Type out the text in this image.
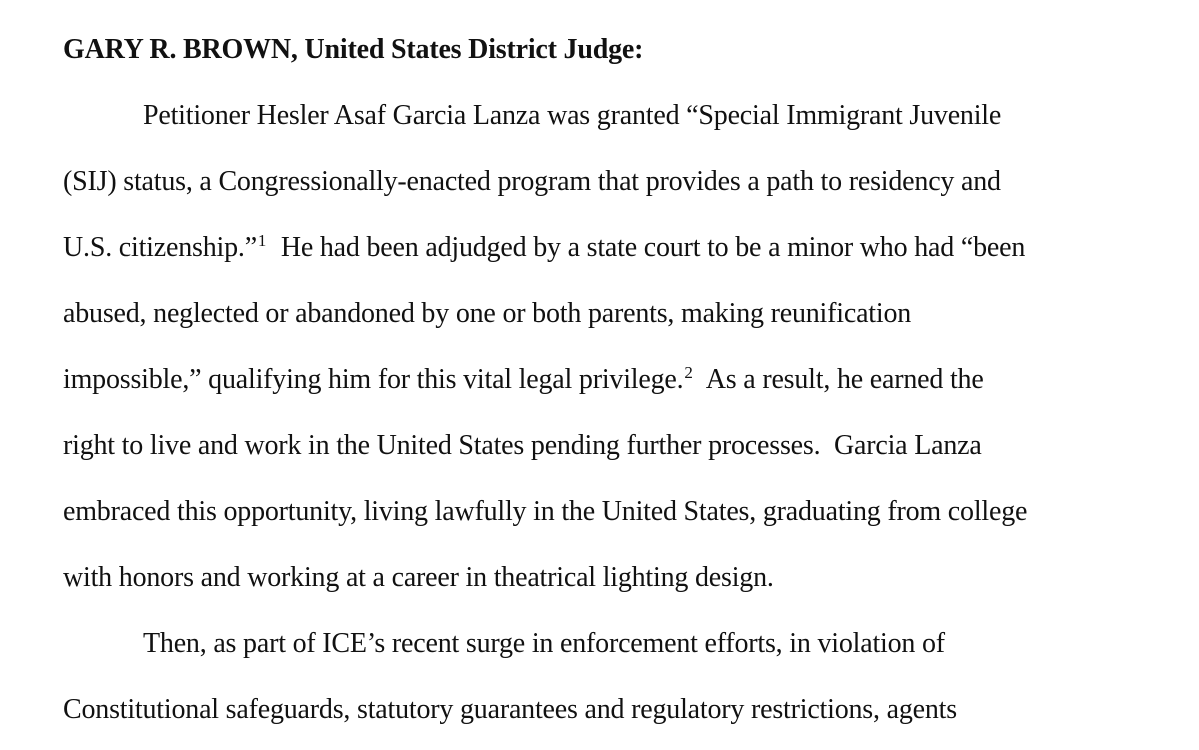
GARY R. BROWN, United States District Judge:
Petitioner Hesler Asaf Garcia Lanza was granted “Special Immigrant Juvenile
(SIJ) status, a Congressionally-enacted program that provides a path to residency and
U.S. citizenship.”$^1$  He had been adjudged by a state court to be a minor who had “been
abused, neglected or abandoned by one or both parents, making reunification
impossible,” qualifying him for this vital legal privilege.$^2$  As a result, he earned the
right to live and work in the United States pending further processes.  Garcia Lanza
embraced this opportunity, living lawfully in the United States, graduating from college
with honors and working at a career in theatrical lighting design.
Then, as part of ICE’s recent surge in enforcement efforts, in violation of
Constitutional safeguards, statutory guarantees and regulatory restrictions, agents
